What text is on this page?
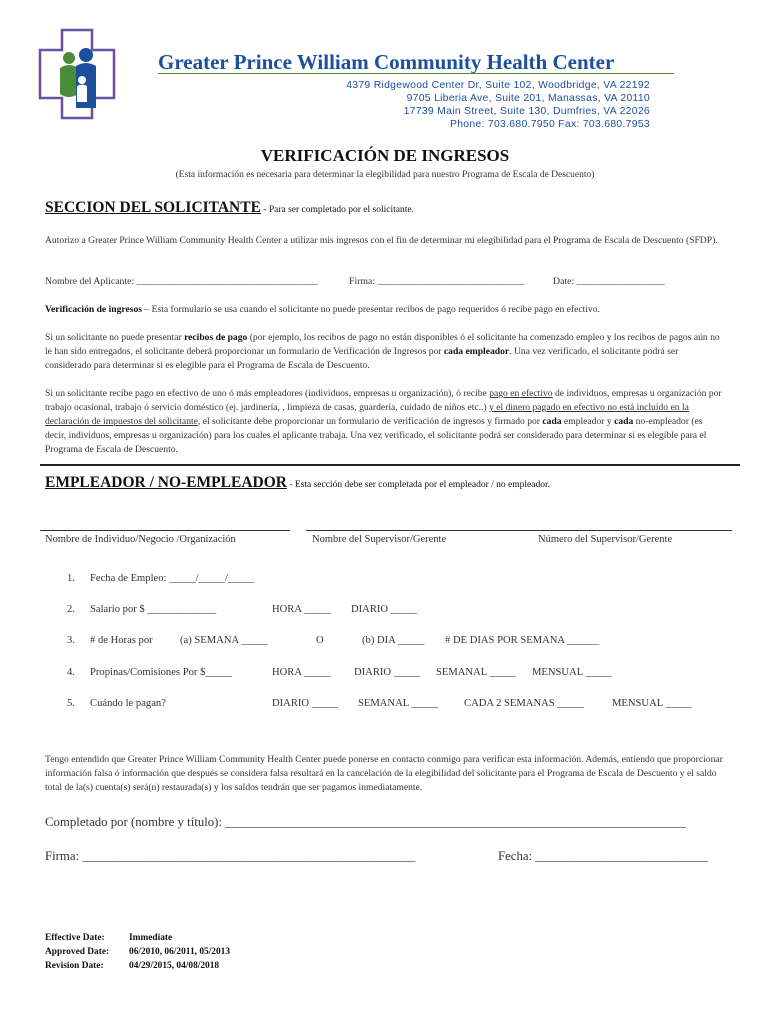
Greater Prince William Community Health Center
4379 Ridgewood Center Dr, Suite 102, Woodbridge, VA 22192
9705 Liberia Ave, Suite 201, Manassas, VA 20110
17739 Main Street, Suite 130, Dumfries, VA 22026
Phone: 703.680.7950 Fax: 703.680.7953
VERIFICACIÓN DE INGRESOS
(Esta información es necesaria para determinar la elegibilidad para nuestro Programa de Escala de Descuento)
SECCION DEL SOLICITANTE - Para ser completado por el solicitante.
Autorizo a Greater Prince William Community Health Center a utilizar mis ingresos con el fin de determinar mi elegibilidad para el Programa de Escala de Descuento (SFDP).
Nombre del Aplicante: _____________________________________	Firma: ______________________________	Date: __________________
Verificación de ingresos – Esta formulario se usa cuando el solicitante no puede presentar recibos de pago requeridos ó recibe pago en efectivo.
Si un solicitante no puede presentar recibos de pago (por ejemplo, los recibos de pago no están disponibles ó el solicitante ha comenzado empleo y los recibos de pagos aún no le han sido entregados, el solicitante deberá proporcionar un formulario de Verificación de Ingresos por cada empleador. Una vez verificado, el solicitante podrá ser considerado para determinar si es elegible para el Programa de Escala de Descuento.
Si un solicitante recibe pago en efectivo de uno ó más empleadores (individuos, empresas u organización), ó recibe pago en efectivo de individuos, empresas u organización por trabajo ocasional, trabajo ó servicio doméstico (ej. jardinería, , limpieza de casas, guardería, cuidado de niños etc..) y el dinero pagado en efectivo no está incluido en la declaración de impuestos del solicitante, el solicitante debe proporcionar un formulario de verificación de ingresos y firmado por cada empleador y cada no-empleador (es decir, individuos, empresas u organización) para los cuales el aplicante trabaja. Una vez verificado, el solicitante podrá ser considerado para determinar si es elegible para el Programa de Escala de Descuento.
EMPLEADOR / NO-EMPLEADOR - Esta sección debe ser completada por el empleador / no empleador.
Nombre de Individuo/Negocio /Organización	Nombre del Supervisor/Gerente	Número del Supervisor/Gerente
1. Fecha de Empleo: _____/_____/_____
2. Salario por $ _____________	HORA _____ DIARIO _____
3. # de Horas por	(a) SEMANA _____	O	(b) DIA _____ # DE DIAS POR SEMANA ______
4. Propinas/Comisiones Por $_____	HORA _____ DIARIO _____ SEMANAL _____ MENSUAL _____
5. Cuándo le pagan?	DIARIO _____ SEMANAL _____ CADA 2 SEMANAS _____	MENSUAL _____
Tengo entendido que Greater Prince William Community Health Center puede ponerse en contacto conmigo para verificar esta información. Además, entiendo que proporcionar información falsa ó información que después se considera falsa resultará en la cancelación de la elegibilidad del solicitante para el Programa de Escala de Descuento y el saldo total de la(s) cuenta(s) será(n) restaurada(s) y los saldos tendrán que ser pagamos inmediatamente.
Completado por (nombre y título): ________________________________________________________________________
Firma: ____________________________________________________	Fecha: ___________________________
Effective Date:	Immediate
Approved Date: 06/2010, 06/2011, 05/2013
Revision Date:	04/29/2015, 04/08/2018
